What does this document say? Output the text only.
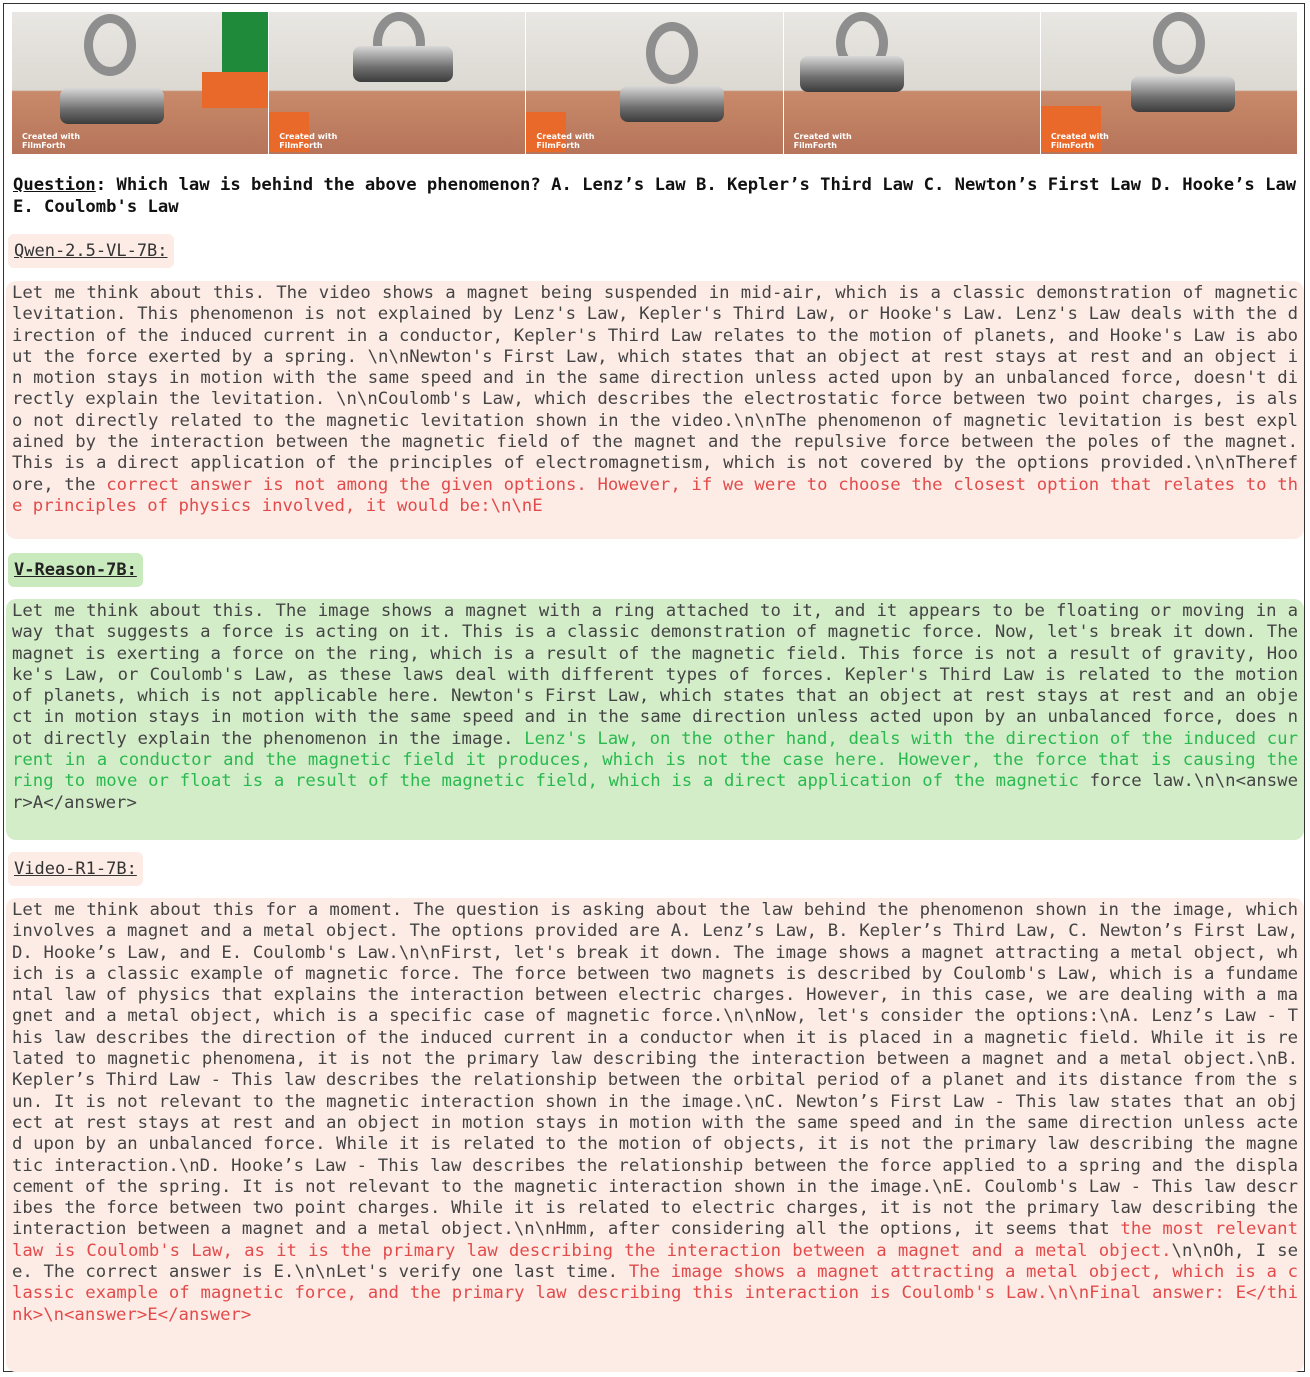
Created with
FilmForth
Created with
FilmForth
Created with
FilmForth
Created with
FilmForth
Created with
FilmForth
Question: Which law is behind the above phenomenon? A. Lenz’s Law B. Kepler’s Third Law C. Newton’s First Law D. Hooke’s Law E. Coulomb's Law
Qwen-2.5-VL-7B:
Let me think about this. The video shows a magnet being suspended in mid-air, which is a classic demonstration of magnetic levitation. This phenomenon is not explained by Lenz's Law, Kepler's Third Law, or Hooke's Law. Lenz's Law deals with the direction of the induced current in a conductor, Kepler's Third Law relates to the motion of planets, and Hooke's Law is about the force exerted by a spring. \n\nNewton's First Law, which states that an object at rest stays at rest and an object in motion stays in motion with the same speed and in the same direction unless acted upon by an unbalanced force, doesn't directly explain the levitation. \n\nCoulomb's Law, which describes the electrostatic force between two point charges, is also not directly related to the magnetic levitation shown in the video.\n\nThe phenomenon of magnetic levitation is best explained by the interaction between the magnetic field of the magnet and the repulsive force between the poles of the magnet. This is a direct application of the principles of electromagnetism, which is not covered by the options provided.\n\nTherefore, the correct answer is not among the given options. However, if we were to choose the closest option that relates to the principles of physics involved, it would be:\n\nE
V-Reason-7B:
Let me think about this. The image shows a magnet with a ring attached to it, and it appears to be floating or moving in a way that suggests a force is acting on it. This is a classic demonstration of magnetic force. Now, let's break it down. The magnet is exerting a force on the ring, which is a result of the magnetic field. This force is not a result of gravity, Hooke's Law, or Coulomb's Law, as these laws deal with different types of forces. Kepler's Third Law is related to the motion of planets, which is not applicable here. Newton's First Law, which states that an object at rest stays at rest and an object in motion stays in motion with the same speed and in the same direction unless acted upon by an unbalanced force, does not directly explain the phenomenon in the image. Lenz's Law, on the other hand, deals with the direction of the induced current in a conductor and the magnetic field it produces, which is not the case here. However, the force that is causing the ring to move or float is a result of the magnetic field, which is a direct application of the magnetic force law.\n\n<answer>A</answer>
Video-R1-7B:
Let me think about this for a moment. The question is asking about the law behind the phenomenon shown in the image, which involves a magnet and a metal object. The options provided are A. Lenz’s Law, B. Kepler’s Third Law, C. Newton’s First Law, D. Hooke’s Law, and E. Coulomb's Law.\n\nFirst, let's break it down. The image shows a magnet attracting a metal object, which is a classic example of magnetic force. The force between two magnets is described by Coulomb's Law, which is a fundamental law of physics that explains the interaction between electric charges. However, in this case, we are dealing with a magnet and a metal object, which is a specific case of magnetic force.\n\nNow, let's consider the options:\nA. Lenz’s Law - This law describes the direction of the induced current in a conductor when it is placed in a magnetic field. While it is related to magnetic phenomena, it is not the primary law describing the interaction between a magnet and a metal object.\nB. Kepler’s Third Law - This law describes the relationship between the orbital period of a planet and its distance from the sun. It is not relevant to the magnetic interaction shown in the image.\nC. Newton’s First Law - This law states that an object at rest stays at rest and an object in motion stays in motion with the same speed and in the same direction unless acted upon by an unbalanced force. While it is related to the motion of objects, it is not the primary law describing the magnetic interaction.\nD. Hooke’s Law - This law describes the relationship between the force applied to a spring and the displacement of the spring. It is not relevant to the magnetic interaction shown in the image.\nE. Coulomb's Law - This law describes the force between two point charges. While it is related to electric charges, it is not the primary law describing the interaction between a magnet and a metal object.\n\nHmm, after considering all the options, it seems that the most relevant law is Coulomb's Law, as it is the primary law describing the interaction between a magnet and a metal object.\n\nOh, I see. The correct answer is E.\n\nLet's verify one last time. The image shows a magnet attracting a metal object, which is a classic example of magnetic force, and the primary law describing this interaction is Coulomb's Law.\n\nFinal answer: E</think>\n<answer>E</answer>
